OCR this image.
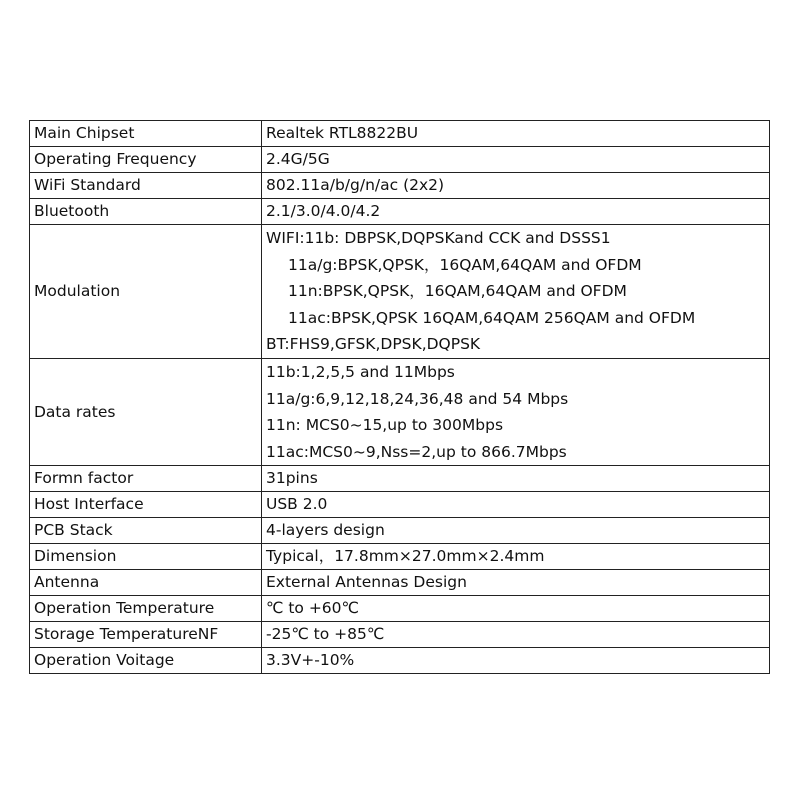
Main Chipset	Realtek RTL8822BU
Operating Frequency	2.4G/5G
WiFi Standard	802.11a/b/g/n/ac (2x2)
Bluetooth	2.1/3.0/4.0/4.2
Modulation	WIFI:11b: DBPSK,DQPSKand CCK and DSSS1
11a/g:BPSK,QPSK，16QAM,64QAM and OFDM
11n:BPSK,QPSK，16QAM,64QAM and OFDM
11ac:BPSK,QPSK 16QAM,64QAM 256QAM and OFDM
BT:FHS9,GFSK,DPSK,DQPSK

Data rates	11b:1,2,5,5 and 11Mbps
11a/g:6,9,12,18,24,36,48 and 54 Mbps
11n: MCS0~15,up to 300Mbps
11ac:MCS0~9,Nss=2,up to 866.7Mbps

Formn factor	31pins
Host Interface	USB 2.0
PCB Stack	4-layers design
Dimension	Typical，17.8mm×27.0mm×2.4mm
Antenna	External Antennas Design
Operation Temperature	℃ to +60℃
Storage TemperatureNF	-25℃ to +85℃
Operation Voitage	3.3V+-10%
